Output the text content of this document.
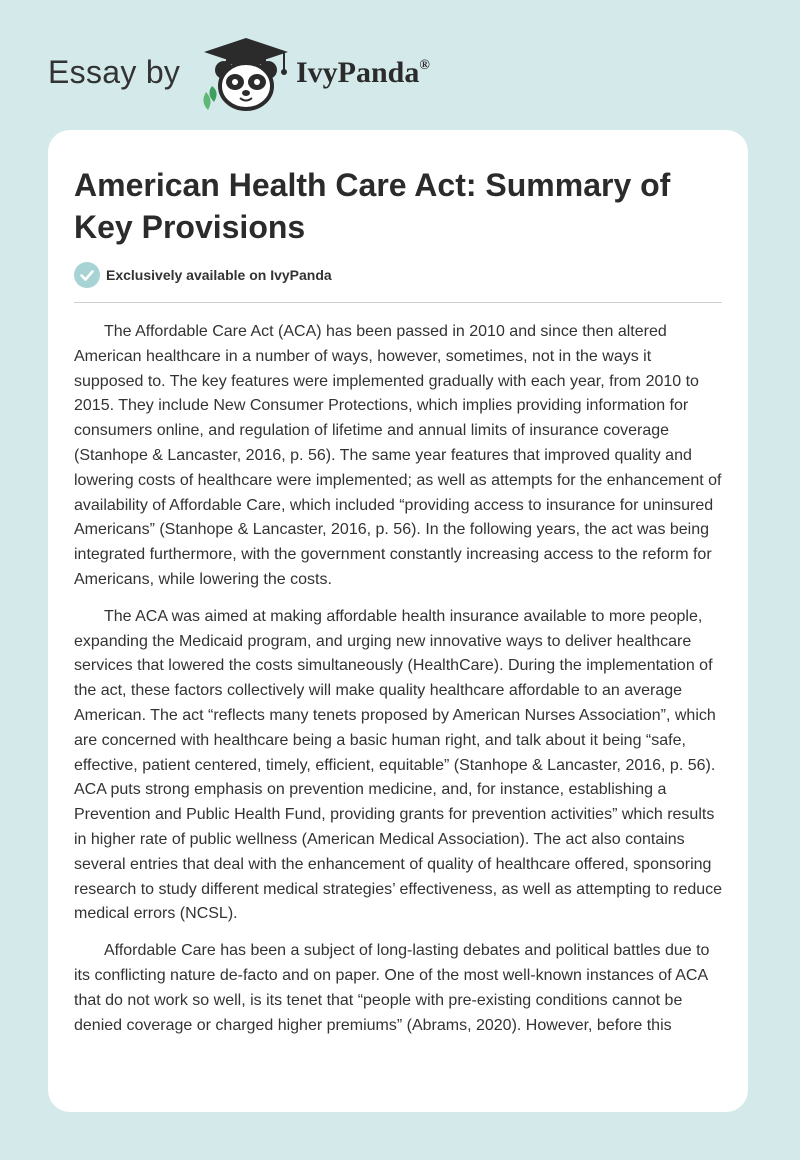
Essay by	IvyPanda®
American Health Care Act: Summary of Key Provisions
Exclusively available on IvyPanda

The Affordable Care Act (ACA) has been passed in 2010 and since then altered American healthcare in a number of ways, however, sometimes, not in the ways it supposed to. The key features were implemented gradually with each year, from 2010 to 2015. They include New Consumer Protections, which implies providing information for consumers online, and regulation of lifetime and annual limits of insurance coverage (Stanhope & Lancaster, 2016, p. 56). The same year features that improved quality and lowering costs of healthcare were implemented; as well as attempts for the enhancement of availability of Affordable Care, which included “providing access to insurance for uninsured Americans” (Stanhope & Lancaster, 2016, p. 56). In the following years, the act was being integrated furthermore, with the government constantly increasing access to the reform for Americans, while lowering the costs.

The ACA was aimed at making affordable health insurance available to more people, expanding the Medicaid program, and urging new innovative ways to deliver healthcare services that lowered the costs simultaneously (HealthCare). During the implementation of the act, these factors collectively will make quality healthcare affordable to an average American. The act “reflects many tenets proposed by American Nurses Association”, which are concerned with healthcare being a basic human right, and talk about it being “safe, effective, patient centered, timely, efficient, equitable” (Stanhope & Lancaster, 2016, p. 56). ACA puts strong emphasis on prevention medicine, and, for instance, establishing a Prevention and Public Health Fund, providing grants for prevention activities” which results in higher rate of public wellness (American Medical Association). The act also contains several entries that deal with the enhancement of quality of healthcare offered, sponsoring research to study different medical strategies’ effectiveness, as well as attempting to reduce medical errors (NCSL).

Affordable Care has been a subject of long-lasting debates and political battles due to its conflicting nature de-facto and on paper. One of the most well-known instances of ACA that do not work so well, is its tenet that “people with pre-existing conditions cannot be denied coverage or charged higher premiums” (Abrams, 2020). However, before this
